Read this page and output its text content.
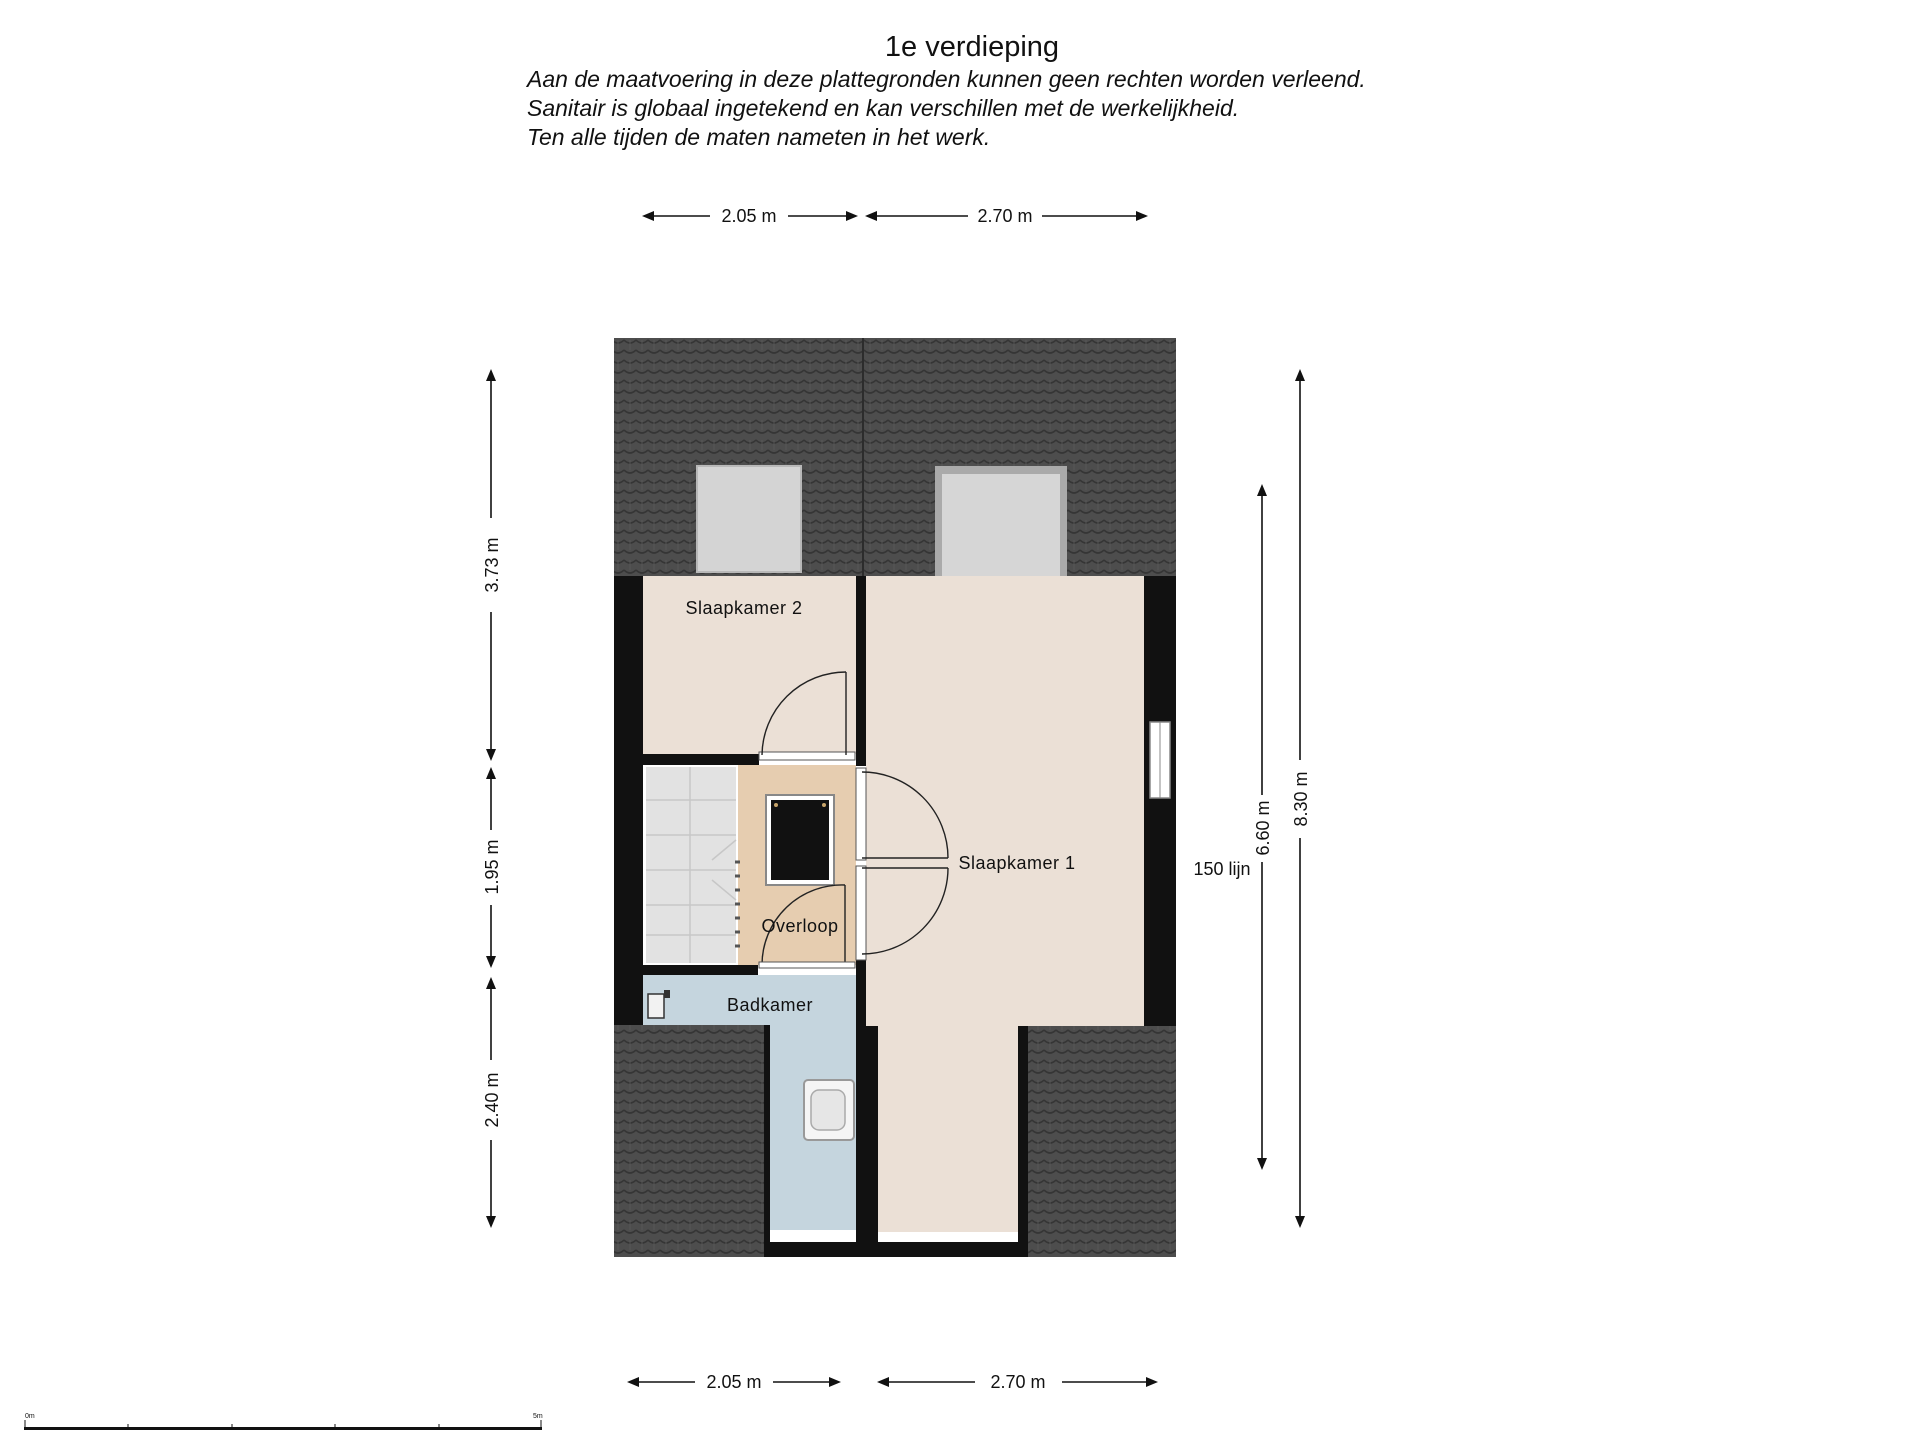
1e verdieping
Aan de maatvoering in deze plattegronden kunnen geen rechten worden verleend.
Sanitair is globaal ingetekend en kan verschillen met de werkelijkheid.
Ten alle tijden de maten nameten in het werk.
2.05 m	2.70 m
Slaapkamer 2
Slaapkamer 1
Overloop
Badkamer
3.73 m
1.95 m
2.40 m
6.60 m
8.30 m
150 lijn
2.05 m	2.70 m
0m	5m
